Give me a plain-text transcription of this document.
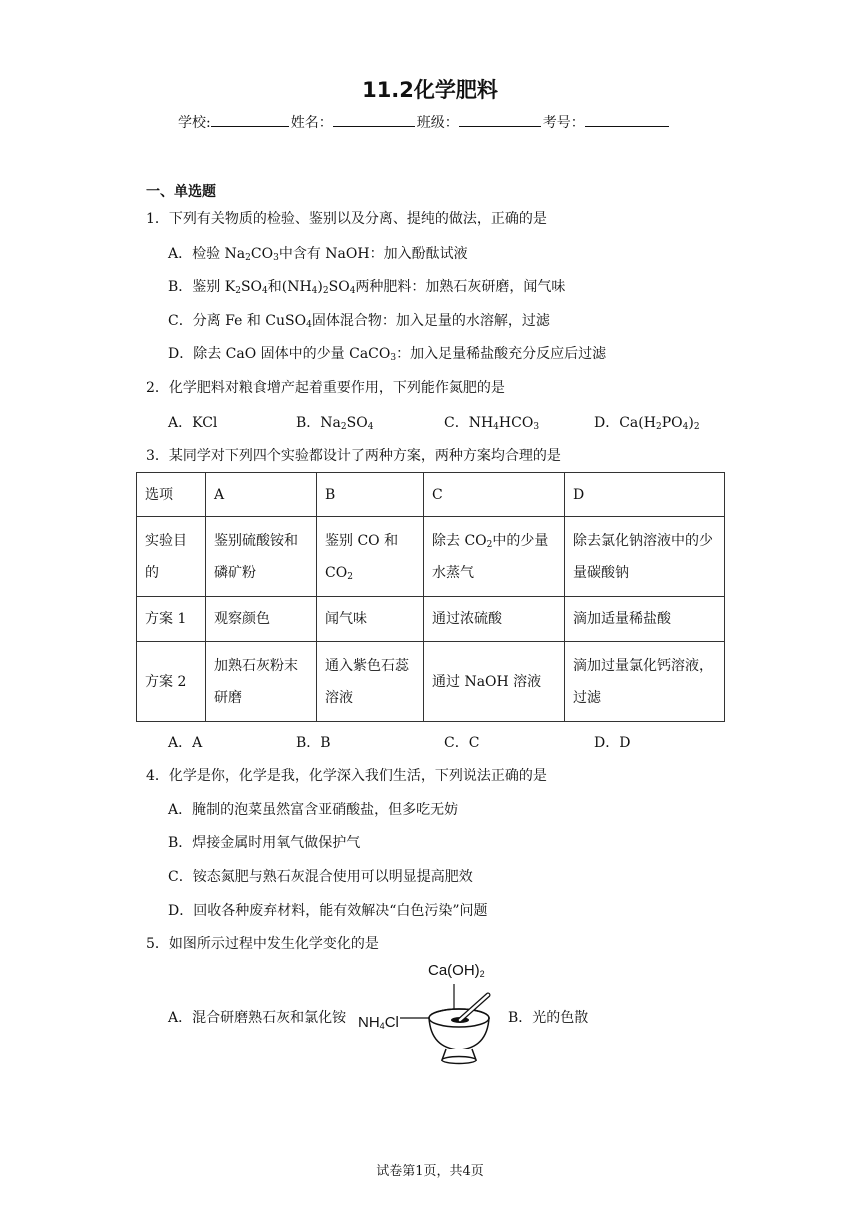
11.2化学肥料
学校:	姓名：	班级：	考号：
一、单选题
1．下列有关物质的检验、鉴别以及分离、提纯的做法，正确的是
A．检验 $Na_2CO_3$中含有 NaOH：加入酚酞试液
B．鉴别 $K_2SO_4$和$(NH_4)_2SO_4$两种肥料：加熟石灰研磨，闻气味
C．分离 Fe 和 CuSO$_4$固体混合物：加入足量的水溶解，过滤
D．除去 CaO 固体中的少量 CaCO$_3$：加入足量稀盐酸充分反应后过滤
2．化学肥料对粮食增产起着重要作用，下列能作氮肥的是
A．KCl	B．$Na_2SO_4$	C．$NH_4HCO_3$	D．$Ca(H_2PO_4)_2$
3．某同学对下列四个实验都设计了两种方案，两种方案均合理的是
选项	A	B	C	D
实验目的	鉴别硫酸铵和磷矿粉	鉴别 CO 和 $CO_2$	除去 $CO_2$中的少量水蒸气	除去氯化钠溶液中的少量碳酸钠
方案 1	观察颜色	闻气味	通过浓硫酸	滴加适量稀盐酸
方案 2	加熟石灰粉末研磨	通入紫色石蕊溶液	通过 NaOH 溶液	滴加过量氯化钙溶液，过滤
A．A	B．B	C．C	D．D
4．化学是你，化学是我，化学深入我们生活，下列说法正确的是
A．腌制的泡菜虽然富含亚硝酸盐，但多吃无妨
B．焊接金属时用氧气做保护气
C．铵态氮肥与熟石灰混合使用可以明显提高肥效
D．回收各种废弃材料，能有效解决“白色污染”问题
5．如图所示过程中发生化学变化的是
A．混合研磨熟石灰和氯化铵	B．光的色散
$Ca(OH)_2$
$NH_4Cl$
试卷第1页，共4页
